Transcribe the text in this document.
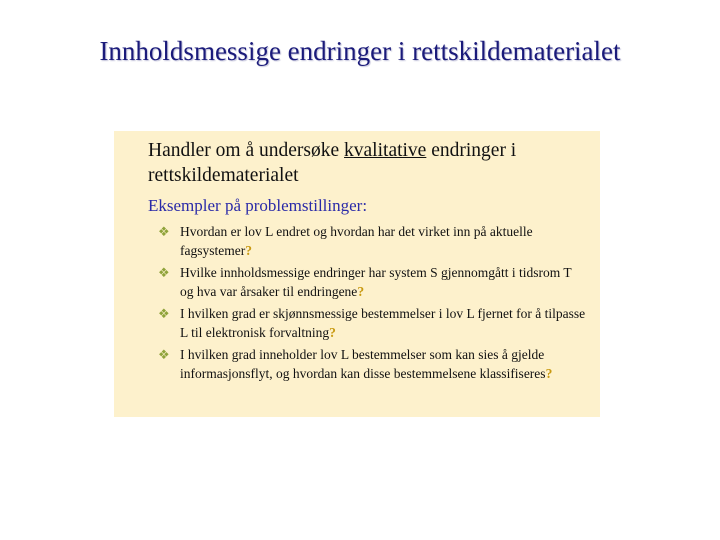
Innholdsmessige endringer i rettskildematerialet
Handler om å undersøke kvalitative endringer i rettskildematerialet
Eksempler på problemstillinger:
❖ Hvordan er lov L endret og hvordan har det virket inn på aktuelle fagsystemer?
❖ Hvilke innholdsmessige endringer har system S gjennomgått i tidsrom T og hva var årsaker til endringene?
❖ I hvilken grad er skjønnsmessige bestemmelser i lov L fjernet for å tilpasse L til elektronisk forvaltning?
❖ I hvilken grad inneholder lov L bestemmelser som kan sies å gjelde informasjonsflyt, og hvordan kan disse bestemmelsene klassifiseres?
